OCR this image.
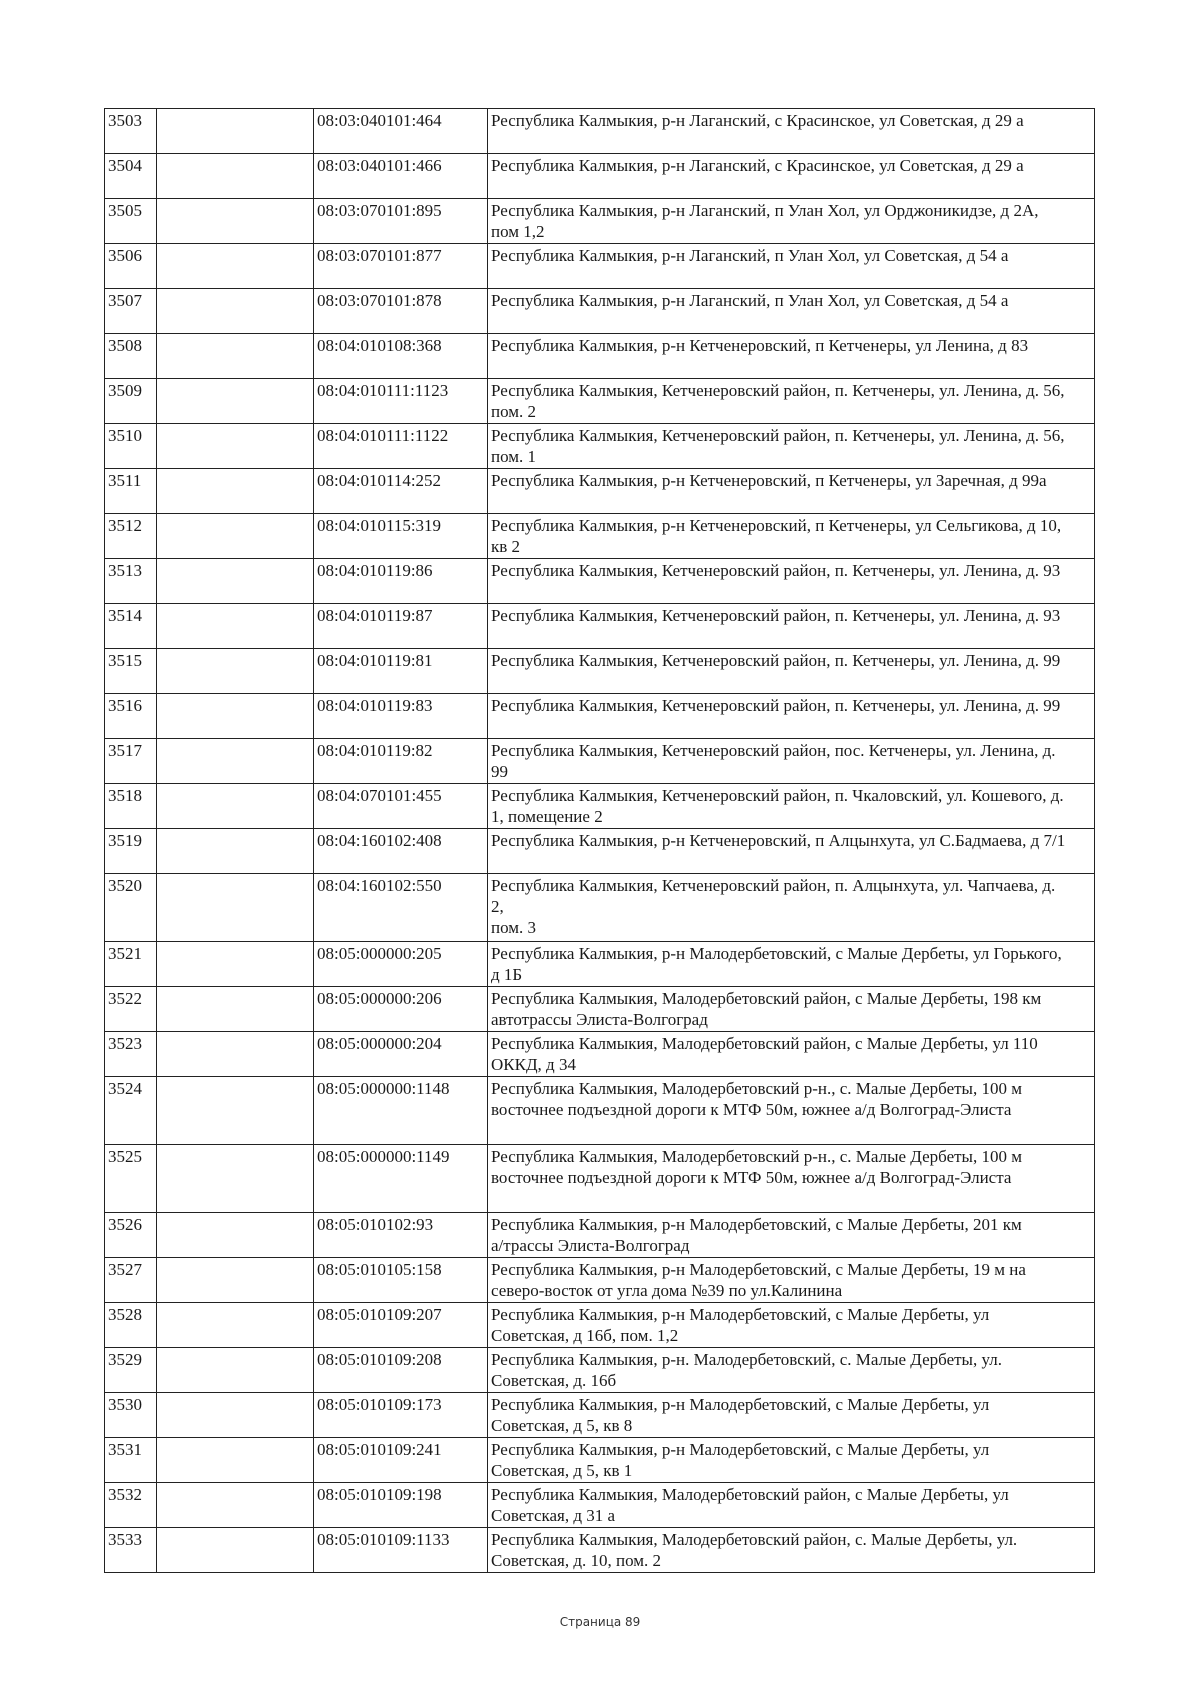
3503		08:03:040101:464	Республика Калмыкия, р-н Лаганский, с Красинское, ул Советская, д 29 а
3504		08:03:040101:466	Республика Калмыкия, р-н Лаганский, с Красинское, ул Советская, д 29 а
3505		08:03:070101:895	Республика Калмыкия, р-н Лаганский, п Улан Хол, ул Орджоникидзе, д 2А,
пом 1,2
3506		08:03:070101:877	Республика Калмыкия, р-н Лаганский, п Улан Хол, ул Советская, д 54 а
3507		08:03:070101:878	Республика Калмыкия, р-н Лаганский, п Улан Хол, ул Советская, д 54 а
3508		08:04:010108:368	Республика Калмыкия, р-н Кетченеровский, п Кетченеры, ул Ленина, д 83
3509		08:04:010111:1123	Республика Калмыкия, Кетченеровский район, п. Кетченеры, ул. Ленина, д. 56,
пом. 2
3510		08:04:010111:1122	Республика Калмыкия, Кетченеровский район, п. Кетченеры, ул. Ленина, д. 56,
пом. 1
3511		08:04:010114:252	Республика Калмыкия, р-н Кетченеровский, п Кетченеры, ул Заречная, д 99а
3512		08:04:010115:319	Республика Калмыкия, р-н Кетченеровский, п Кетченеры, ул Сельгикова, д 10,
кв 2
3513		08:04:010119:86	Республика Калмыкия, Кетченеровский район, п. Кетченеры, ул. Ленина, д. 93
3514		08:04:010119:87	Республика Калмыкия, Кетченеровский район, п. Кетченеры, ул. Ленина, д. 93
3515		08:04:010119:81	Республика Калмыкия, Кетченеровский район, п. Кетченеры, ул. Ленина, д. 99
3516		08:04:010119:83	Республика Калмыкия, Кетченеровский район, п. Кетченеры, ул. Ленина, д. 99
3517		08:04:010119:82	Республика Калмыкия, Кетченеровский район, пос. Кетченеры, ул. Ленина, д.
99
3518		08:04:070101:455	Республика Калмыкия, Кетченеровский район, п. Чкаловский, ул. Кошевого, д.
1, помещение 2
3519		08:04:160102:408	Республика Калмыкия, р-н Кетченеровский, п Алцынхута, ул С.Бадмаева, д 7/1
3520		08:04:160102:550	Республика Калмыкия, Кетченеровский район, п. Алцынхута, ул. Чапчаева, д.
2,
пом. 3
3521		08:05:000000:205	Республика Калмыкия, р-н Малодербетовский, с Малые Дербеты, ул Горького,
д 1Б
3522		08:05:000000:206	Республика Калмыкия, Малодербетовский район, с Малые Дербеты, 198 км
автотрассы Элиста-Волгоград
3523		08:05:000000:204	Республика Калмыкия, Малодербетовский район, с Малые Дербеты, ул 110
ОККД, д 34
3524		08:05:000000:1148	Республика Калмыкия, Малодербетовский р-н., с. Малые Дербеты, 100 м
восточнее подъездной дороги к МТФ 50м, южнее а/д Волгоград-Элиста
3525		08:05:000000:1149	Республика Калмыкия, Малодербетовский р-н., с. Малые Дербеты, 100 м
восточнее подъездной дороги к МТФ 50м, южнее а/д Волгоград-Элиста
3526		08:05:010102:93	Республика Калмыкия, р-н Малодербетовский, с Малые Дербеты, 201 км
а/трассы Элиста-Волгоград
3527		08:05:010105:158	Республика Калмыкия, р-н Малодербетовский, с Малые Дербеты, 19 м на
северо-восток от угла дома №39 по ул.Калинина
3528		08:05:010109:207	Республика Калмыкия, р-н Малодербетовский, с Малые Дербеты, ул
Советская, д 16б, пом. 1,2
3529		08:05:010109:208	Республика Калмыкия, р-н. Малодербетовский, с. Малые Дербеты, ул.
Советская, д. 16б
3530		08:05:010109:173	Республика Калмыкия, р-н Малодербетовский, с Малые Дербеты, ул
Советская, д 5, кв 8
3531		08:05:010109:241	Республика Калмыкия, р-н Малодербетовский, с Малые Дербеты, ул
Советская, д 5, кв 1
3532		08:05:010109:198	Республика Калмыкия, Малодербетовский район, с Малые Дербеты, ул
Советская, д 31 а
3533		08:05:010109:1133	Республика Калмыкия, Малодербетовский район, с. Малые Дербеты, ул.
Советская, д. 10, пом. 2
Страница 89
